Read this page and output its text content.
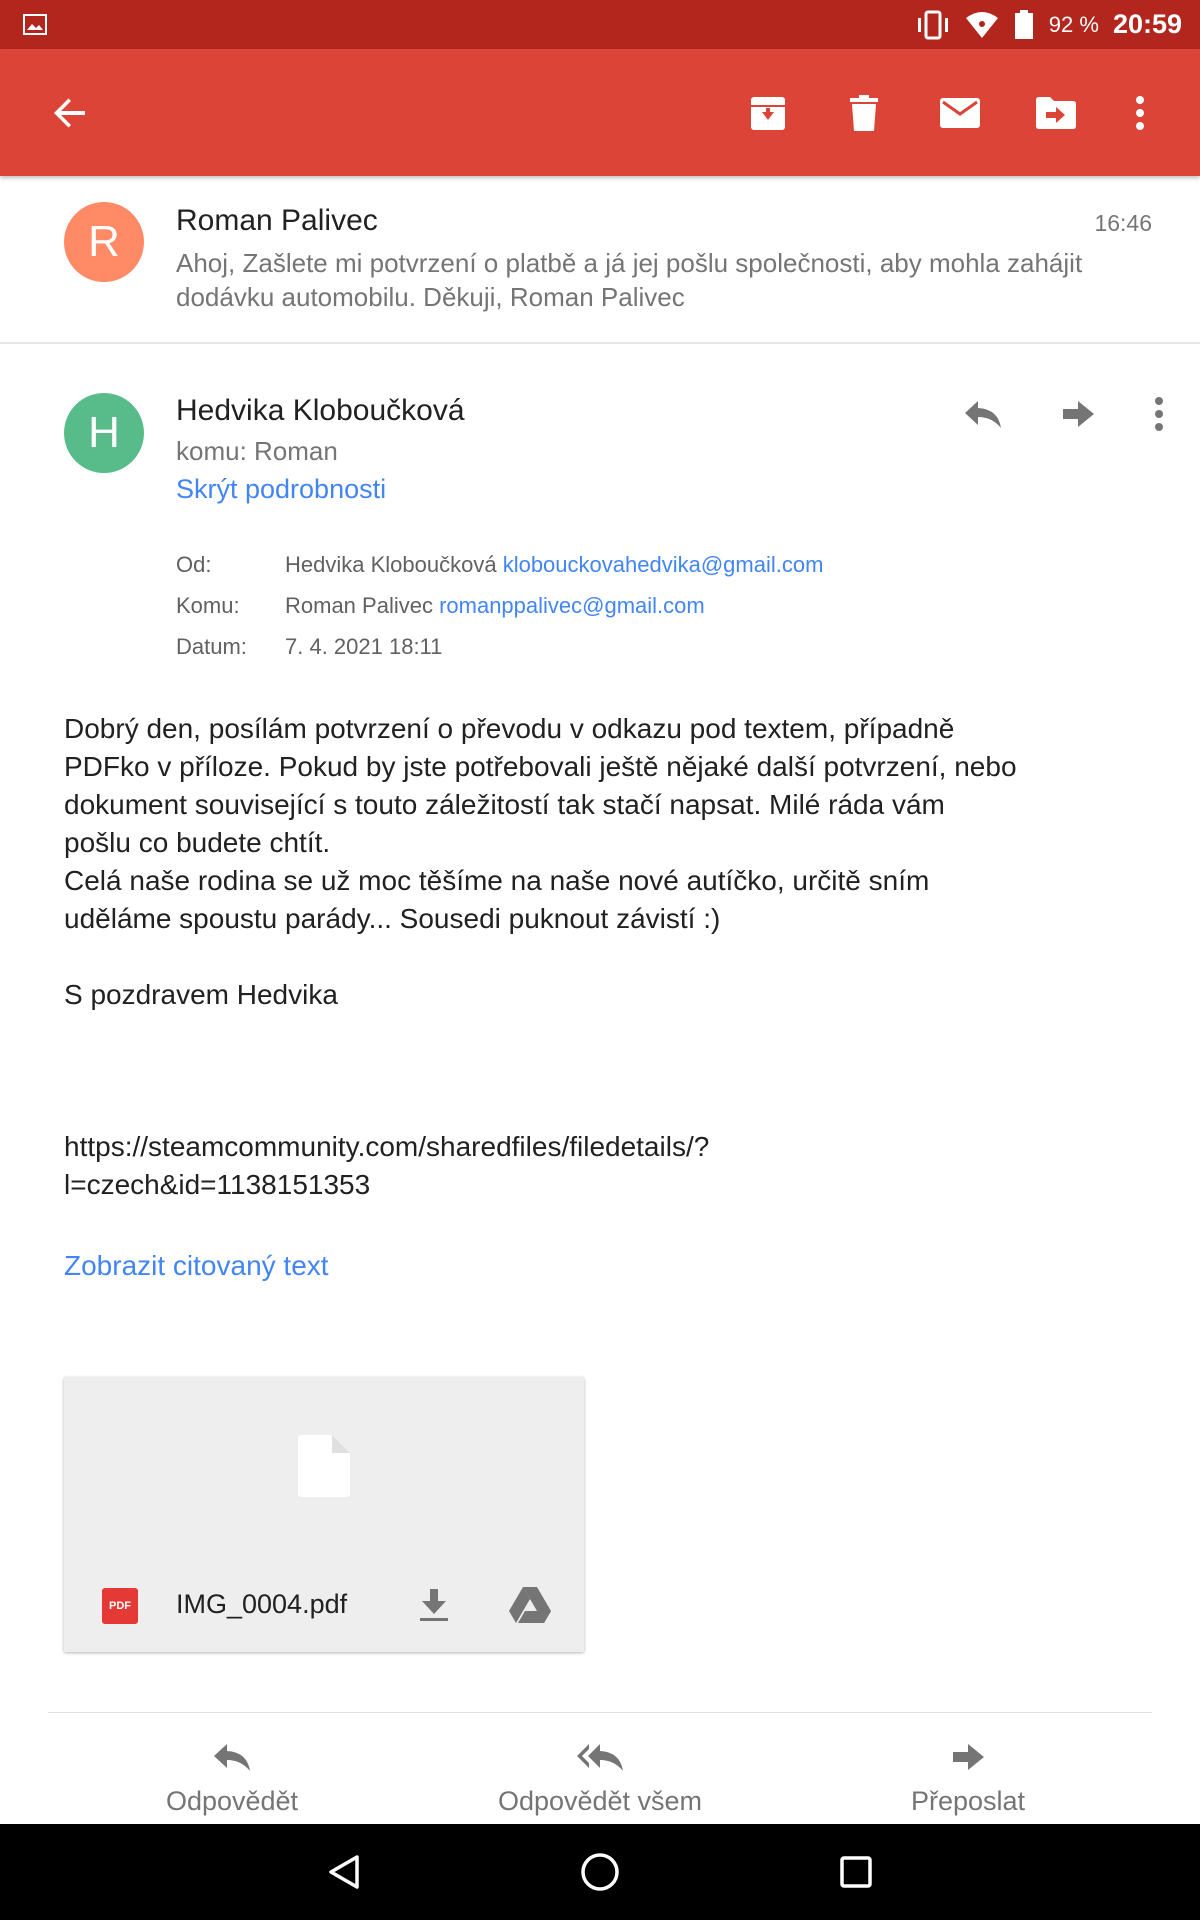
92 % 20:59
R	Roman Palivec	16:46
Ahoj, Zašlete mi potvrzení o platbě a já jej pošlu společnosti, aby mohla zahájit
dodávku automobilu. Děkuji, Roman Palivec
H	Hedvika Kloboučková
komu: Roman
Skrýt podrobnosti
Od:	Hedvika Kloboučková klobouckovahedvika@gmail.com
Komu:	Roman Palivec romanppalivec@gmail.com
Datum:	7. 4. 2021 18:11

Dobrý den, posílám potvrzení o převodu v odkazu pod textem, případně

PDFko v příloze. Pokud by jste potřebovali ještě nějaké další potvrzení, nebo

dokument související s touto záležitostí tak stačí napsat. Milé ráda vám

pošlu co budete chtít.

Celá naše rodina se už moc těšíme na naše nové autíčko, určitě sním

uděláme spoustu parády... Sousedi puknout závistí :)

S pozdravem Hedvika

https://steamcommunity.com/sharedfiles/filedetails/?

l=czech&id=1138151353

Zobrazit citovaný text
PDF IMG_0004.pdf
Odpovědět	Odpovědět všem	Přeposlat
